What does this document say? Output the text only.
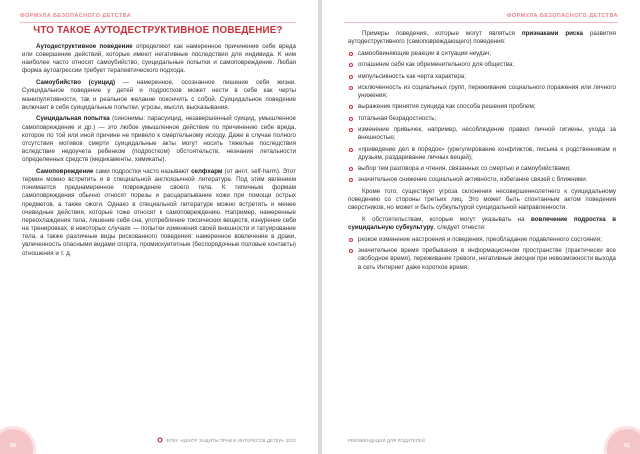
ФОРМУЛА БЕЗОПАСНОГО ДЕТСТВА
ЧТО ТАКОЕ АУТОДЕСТРУКТИВНОЕ ПОВЕДЕНИЕ?

Аутодеструктивное поведение определяют как намеренное причинение себе вреда или совершение действий, которые имеют негативные последствия для индивида. К ним наиболее часто относят самоубийство, суицидальные попытки и самоповреждение. Любая форма аутоагрессии требует терапевтического подхода.

Самоубийство (суицид) — намеренное, осознанное лишение себя жизни. Суицидальное поведение у детей и подростков может нести в себе как черты манипулятивности, так и реальное желание покончить с собой. Суицидальное поведение включает в себя суицидальные попытки, угрозы, мысли, высказывания.

Суицидальная попытка (синонимы: парасуицид, незавершенный суицид, умышленное самоповреждение и др.) — это любое умышленное действие по причинению себе вреда, которое по той или иной причине не привело к смертельному исходу. Даже в случае полного отсутствия мотивов смерти суицидальные акты могут носить тяжелые последствия вследствие недоучета ребенком (подростком) обстоятельств, незнания летальности определенных средств (медикаменты, химикаты).

Самоповреждение сами подростки часто называют селфхарм (от англ. self-harm). Этот термин можно встретить и в специальной англоязычной литературе. Под этим явлением понимается преднамеренное повреждение своего тела. К типичным формам самоповреждения обычно относят порезы и расцарапывание кожи при помощи острых предметов, а также ожоги. Однако в специальной литературе можно встретить и менее очевидные действия, которые тоже относят к самоповреждению. Например, намеренные переохлаждения тела, лишение себя сна, употребление токсических веществ, изнурение себя на тренировках, в некоторых случаях — попытки изменения своей внешности и татуирование тела, а также различные виды рискованного поведения: намеренное вовлечение в драки, увлеченность опасными видами спорта, промискуитетные (беспорядочные половые контакты) отношения и т. д.

ФПКУ «ЦЕНТР ЗАЩИТЫ ПРАВ И ИНТЕРЕСОВ ДЕТЕЙ» 2022
00
ФОРМУЛА БЕЗОПАСНОГО ДЕТСТВА

Примеры поведения, которые могут являться признаками риска развития аутодеструктивного (самоповреждающего) поведения:

самообвиняющие реакции в ситуации неудач;
оглашение себя как обременительного для общества;
импульсивность как черта характера;
исключенность из социальных групп, переживание социального поражения или личного унижения;
выражение принятия суицида как способа решения проблем;
тотальная безрадостность;
изменение привычек, например, несоблюдение правил личной гигиены, ухода за внешностью;
«приведение дел в порядок» (урегулирование конфликтов, письма к родственникам и друзьям, раздаривание личных вещей);
выбор тем разговора и чтения, связанных со смертью и самоубийствами;
значительное снижение социальной активности, избегание связей с ближними.

Кроме того, существует угроза склонения несовершеннолетнего к суицидальному поведению со стороны третьих лиц. Это может быть спонтанным актом поведения сверстников, но может и быть субкультурой суицидальной направленности.

К обстоятельствам, которые могут указывать на вовлечение подростка в суицидальную субкультуру, следует отнести:

резкое изменение настроения и поведения, преобладание подавленного состояния;
значительное время пребывания в информационном пространстве (практически все свободное время), переживание тревоги, негативные эмоции при невозможности выхода в сеть Интернет даже короткое время;
РЕКОМЕНДАЦИИ ДЛЯ РОДИТЕЛЕЙ
01
